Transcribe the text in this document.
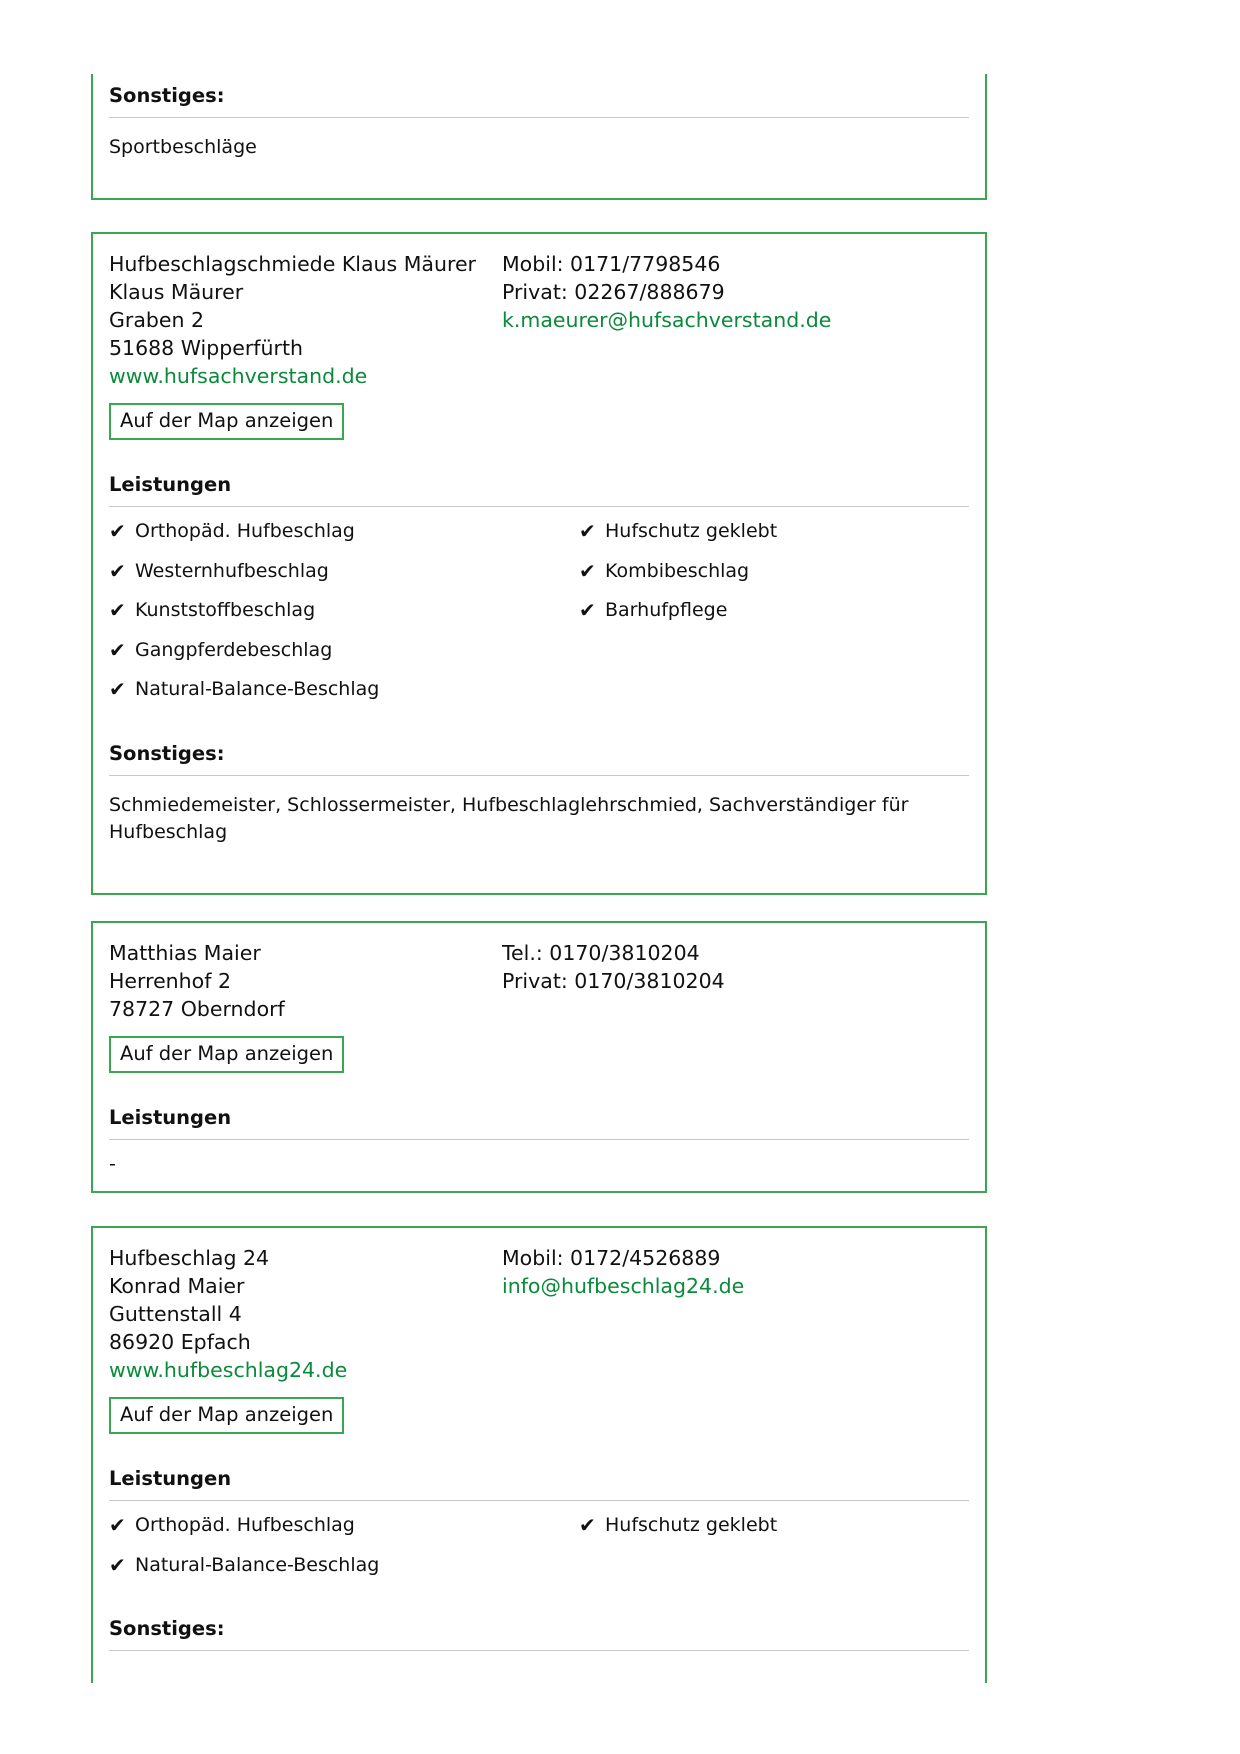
Sonstiges:
Sportbeschläge
Hufbeschlagschmiede Klaus Mäurer
Klaus Mäurer
Graben 2
51688 Wipperfürth
www.hufsachverstand.de
Auf der Map anzeigen
Mobil: 0171/7798546
Privat: 02267/888679
k.maeurer@hufsachverstand.de
Leistungen
✔ Orthopäd. Hufbeschlag
✔ Westernhufbeschlag
✔ Kunststoffbeschlag
✔ Gangpferdebeschlag
✔ Natural-Balance-Beschlag
✔ Hufschutz geklebt
✔ Kombibeschlag
✔ Barhufpflege
Sonstiges:
Schmiedemeister, Schlossermeister, Hufbeschlaglehrschmied, Sachverständiger für Hufbeschlag
Matthias Maier
Herrenhof 2
78727 Oberndorf
Auf der Map anzeigen
Tel.: 0170/3810204
Privat: 0170/3810204
Leistungen
-
Hufbeschlag 24
Konrad Maier
Guttenstall 4
86920 Epfach
www.hufbeschlag24.de
Auf der Map anzeigen
Mobil: 0172/4526889
info@hufbeschlag24.de
Leistungen
✔ Orthopäd. Hufbeschlag
✔ Natural-Balance-Beschlag
✔ Hufschutz geklebt
Sonstiges:
